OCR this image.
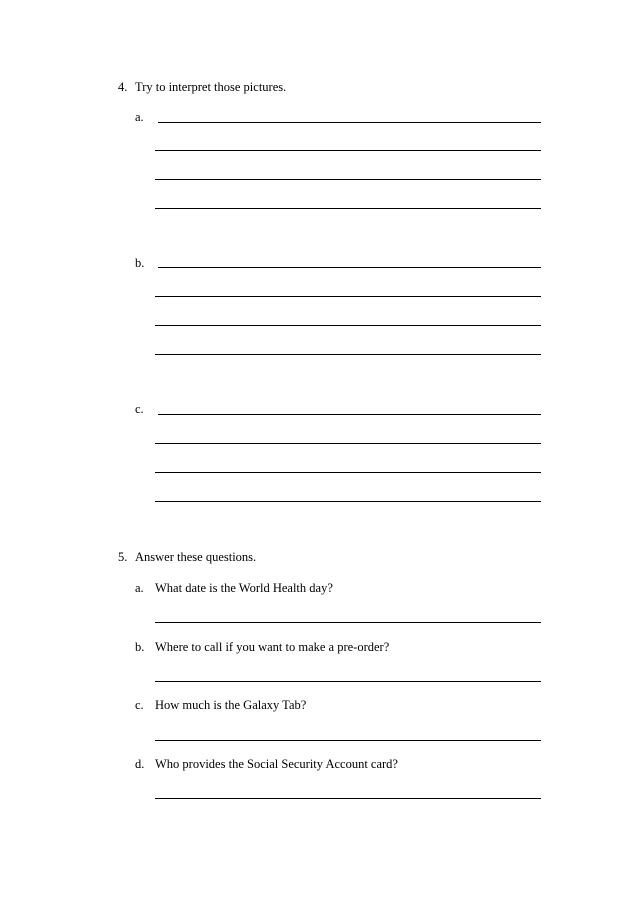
4. Try to interpret those pictures.
a.
b.
c.
5. Answer these questions.
a. What date is the World Health day?
b. Where to call if you want to make a pre-order?
c. How much is the Galaxy Tab?
d. Who provides the Social Security Account card?
